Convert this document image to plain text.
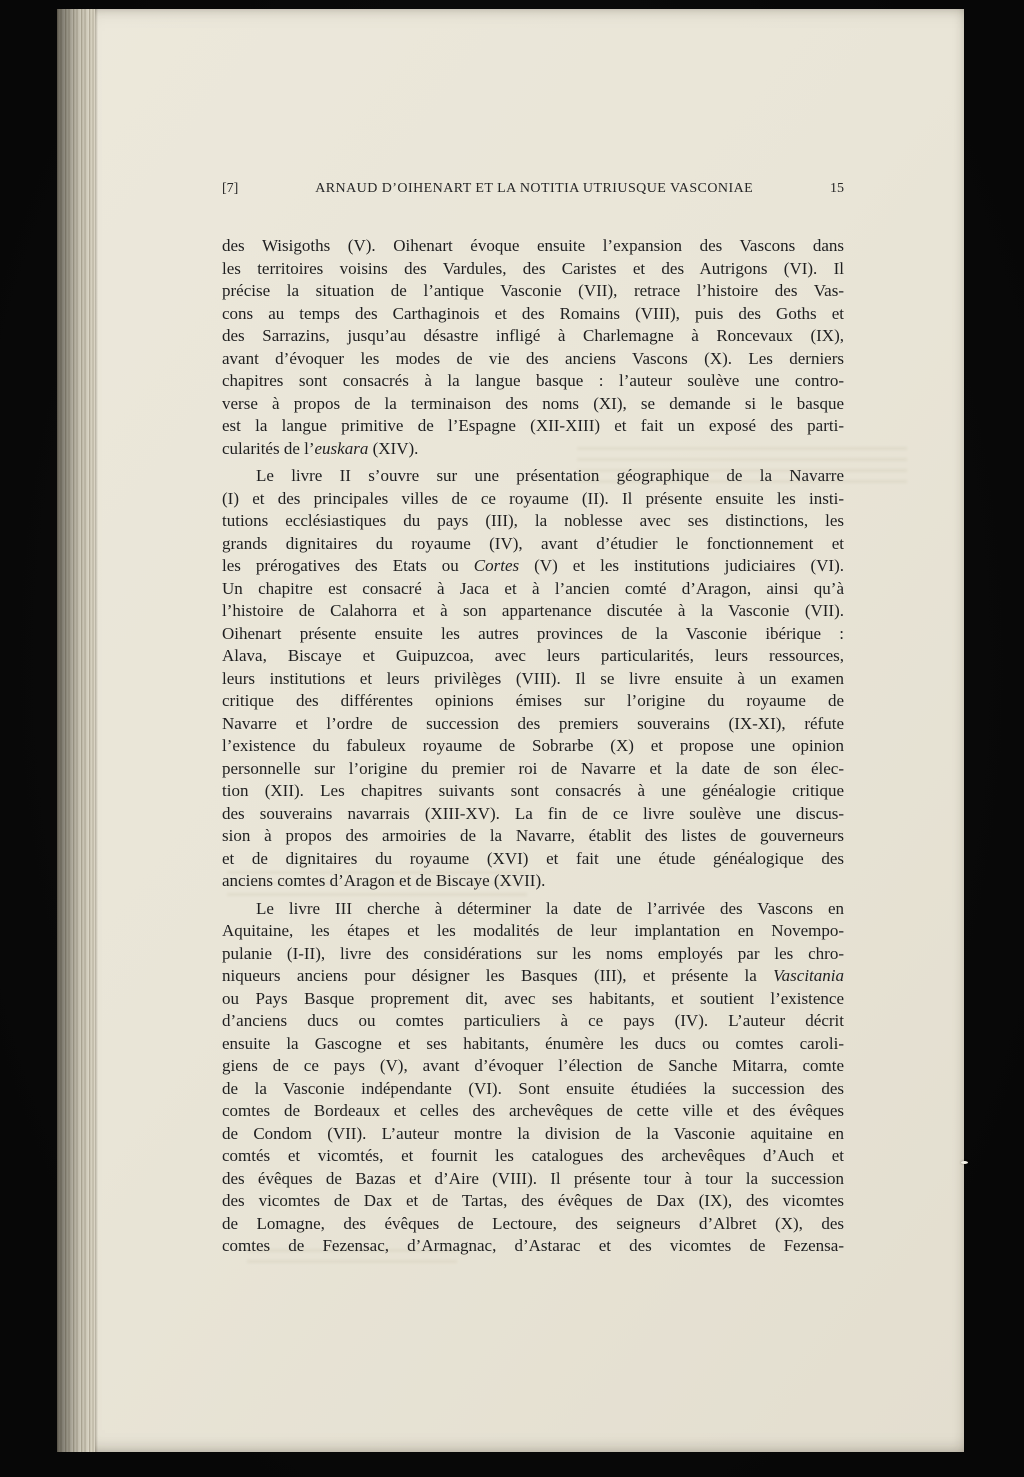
[7]	ARNAUD D’OIHENART ET LA NOTITIA UTRIUSQUE VASCONIAE	15
des Wisigoths (V). Oihenart évoque ensuite l’expansion des Vascons dans
les territoires voisins des Vardules, des Caristes et des Autrigons (VI). Il
précise la situation de l’antique Vasconie (VII), retrace l’histoire des Vas-
cons au temps des Carthaginois et des Romains (VIII), puis des Goths et
des Sarrazins, jusqu’au désastre infligé à Charlemagne à Roncevaux (IX),
avant d’évoquer les modes de vie des anciens Vascons (X). Les derniers
chapitres sont consacrés à la langue basque : l’auteur soulève une contro-
verse à propos de la terminaison des noms (XI), se demande si le basque
est la langue primitive de l’Espagne (XII-XIII) et fait un exposé des parti-
cularités de l’euskara (XIV).
Le livre II s’ouvre sur une présentation géographique de la Navarre
(I) et des principales villes de ce royaume (II). Il présente ensuite les insti-
tutions ecclésiastiques du pays (III), la noblesse avec ses distinctions, les
grands dignitaires du royaume (IV), avant d’étudier le fonctionnement et
les prérogatives des Etats ou Cortes (V) et les institutions judiciaires (VI).
Un chapitre est consacré à Jaca et à l’ancien comté d’Aragon, ainsi qu’à
l’histoire de Calahorra et à son appartenance discutée à la Vasconie (VII).
Oihenart présente ensuite les autres provinces de la Vasconie ibérique :
Alava, Biscaye et Guipuzcoa, avec leurs particularités, leurs ressources,
leurs institutions et leurs privilèges (VIII). Il se livre ensuite à un examen
critique des différentes opinions émises sur l’origine du royaume de
Navarre et l’ordre de succession des premiers souverains (IX-XI), réfute
l’existence du fabuleux royaume de Sobrarbe (X) et propose une opinion
personnelle sur l’origine du premier roi de Navarre et la date de son élec-
tion (XII). Les chapitres suivants sont consacrés à une généalogie critique
des souverains navarrais (XIII-XV). La fin de ce livre soulève une discus-
sion à propos des armoiries de la Navarre, établit des listes de gouverneurs
et de dignitaires du royaume (XVI) et fait une étude généalogique des
anciens comtes d’Aragon et de Biscaye (XVII).
Le livre III cherche à déterminer la date de l’arrivée des Vascons en
Aquitaine, les étapes et les modalités de leur implantation en Novempo-
pulanie (I-II), livre des considérations sur les noms employés par les chro-
niqueurs anciens pour désigner les Basques (III), et présente la Vascitania
ou Pays Basque proprement dit, avec ses habitants, et soutient l’existence
d’anciens ducs ou comtes particuliers à ce pays (IV). L’auteur décrit
ensuite la Gascogne et ses habitants, énumère les ducs ou comtes caroli-
giens de ce pays (V), avant d’évoquer l’élection de Sanche Mitarra, comte
de la Vasconie indépendante (VI). Sont ensuite étudiées la succession des
comtes de Bordeaux et celles des archevêques de cette ville et des évêques
de Condom (VII). L’auteur montre la division de la Vasconie aquitaine en
comtés et vicomtés, et fournit les catalogues des archevêques d’Auch et
des évêques de Bazas et d’Aire (VIII). Il présente tour à tour la succession
des vicomtes de Dax et de Tartas, des évêques de Dax (IX), des vicomtes
de Lomagne, des évêques de Lectoure, des seigneurs d’Albret (X), des
comtes de Fezensac, d’Armagnac, d’Astarac et des vicomtes de Fezensa-
